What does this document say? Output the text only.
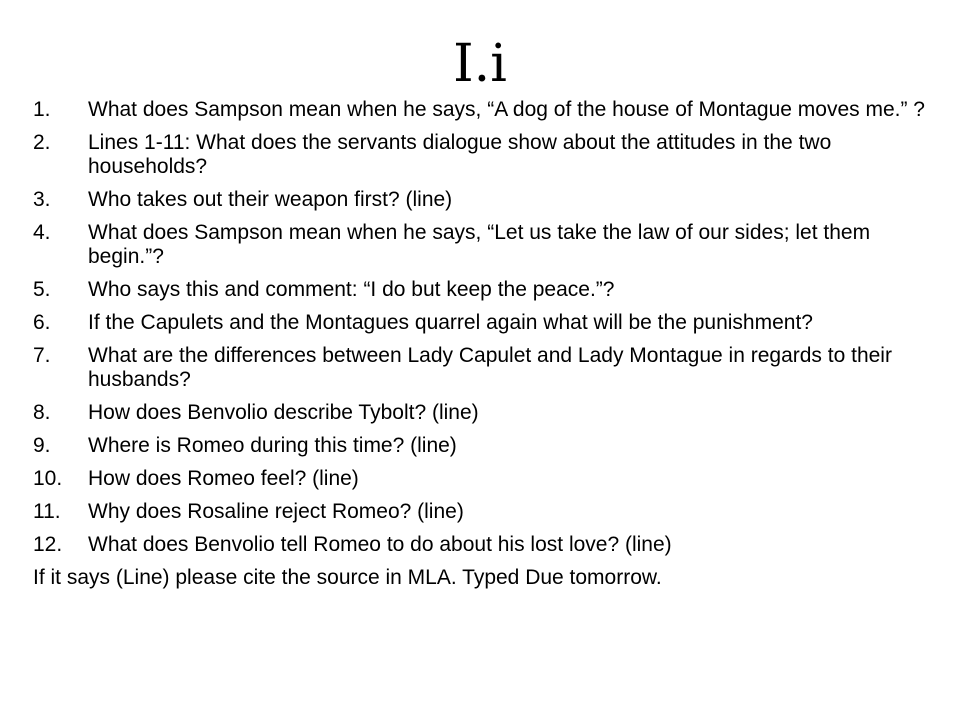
I.i
1.	What does Sampson mean when he says, “A dog of the house of Montague moves me.” ?
2.	Lines 1-11: What does the servants dialogue show about the attitudes in the two households?
3.	Who takes out their weapon first? (line)
4.	What does Sampson mean when he says, “Let us take the law of our sides; let them begin.”?
5.	Who says this and comment: “I do but keep the peace.”?
6.	If the Capulets and the Montagues quarrel again what will be the punishment?
7.	What are the differences between Lady Capulet and Lady Montague in regards to their husbands?
8.	How does Benvolio describe Tybolt? (line)
9.	Where is Romeo during this time? (line)
10.	How does Romeo feel? (line)
11.	Why does Rosaline reject Romeo? (line)
12.	What does Benvolio tell Romeo to do about his lost love? (line)
If it says (Line) please cite the source in MLA. Typed Due tomorrow.
